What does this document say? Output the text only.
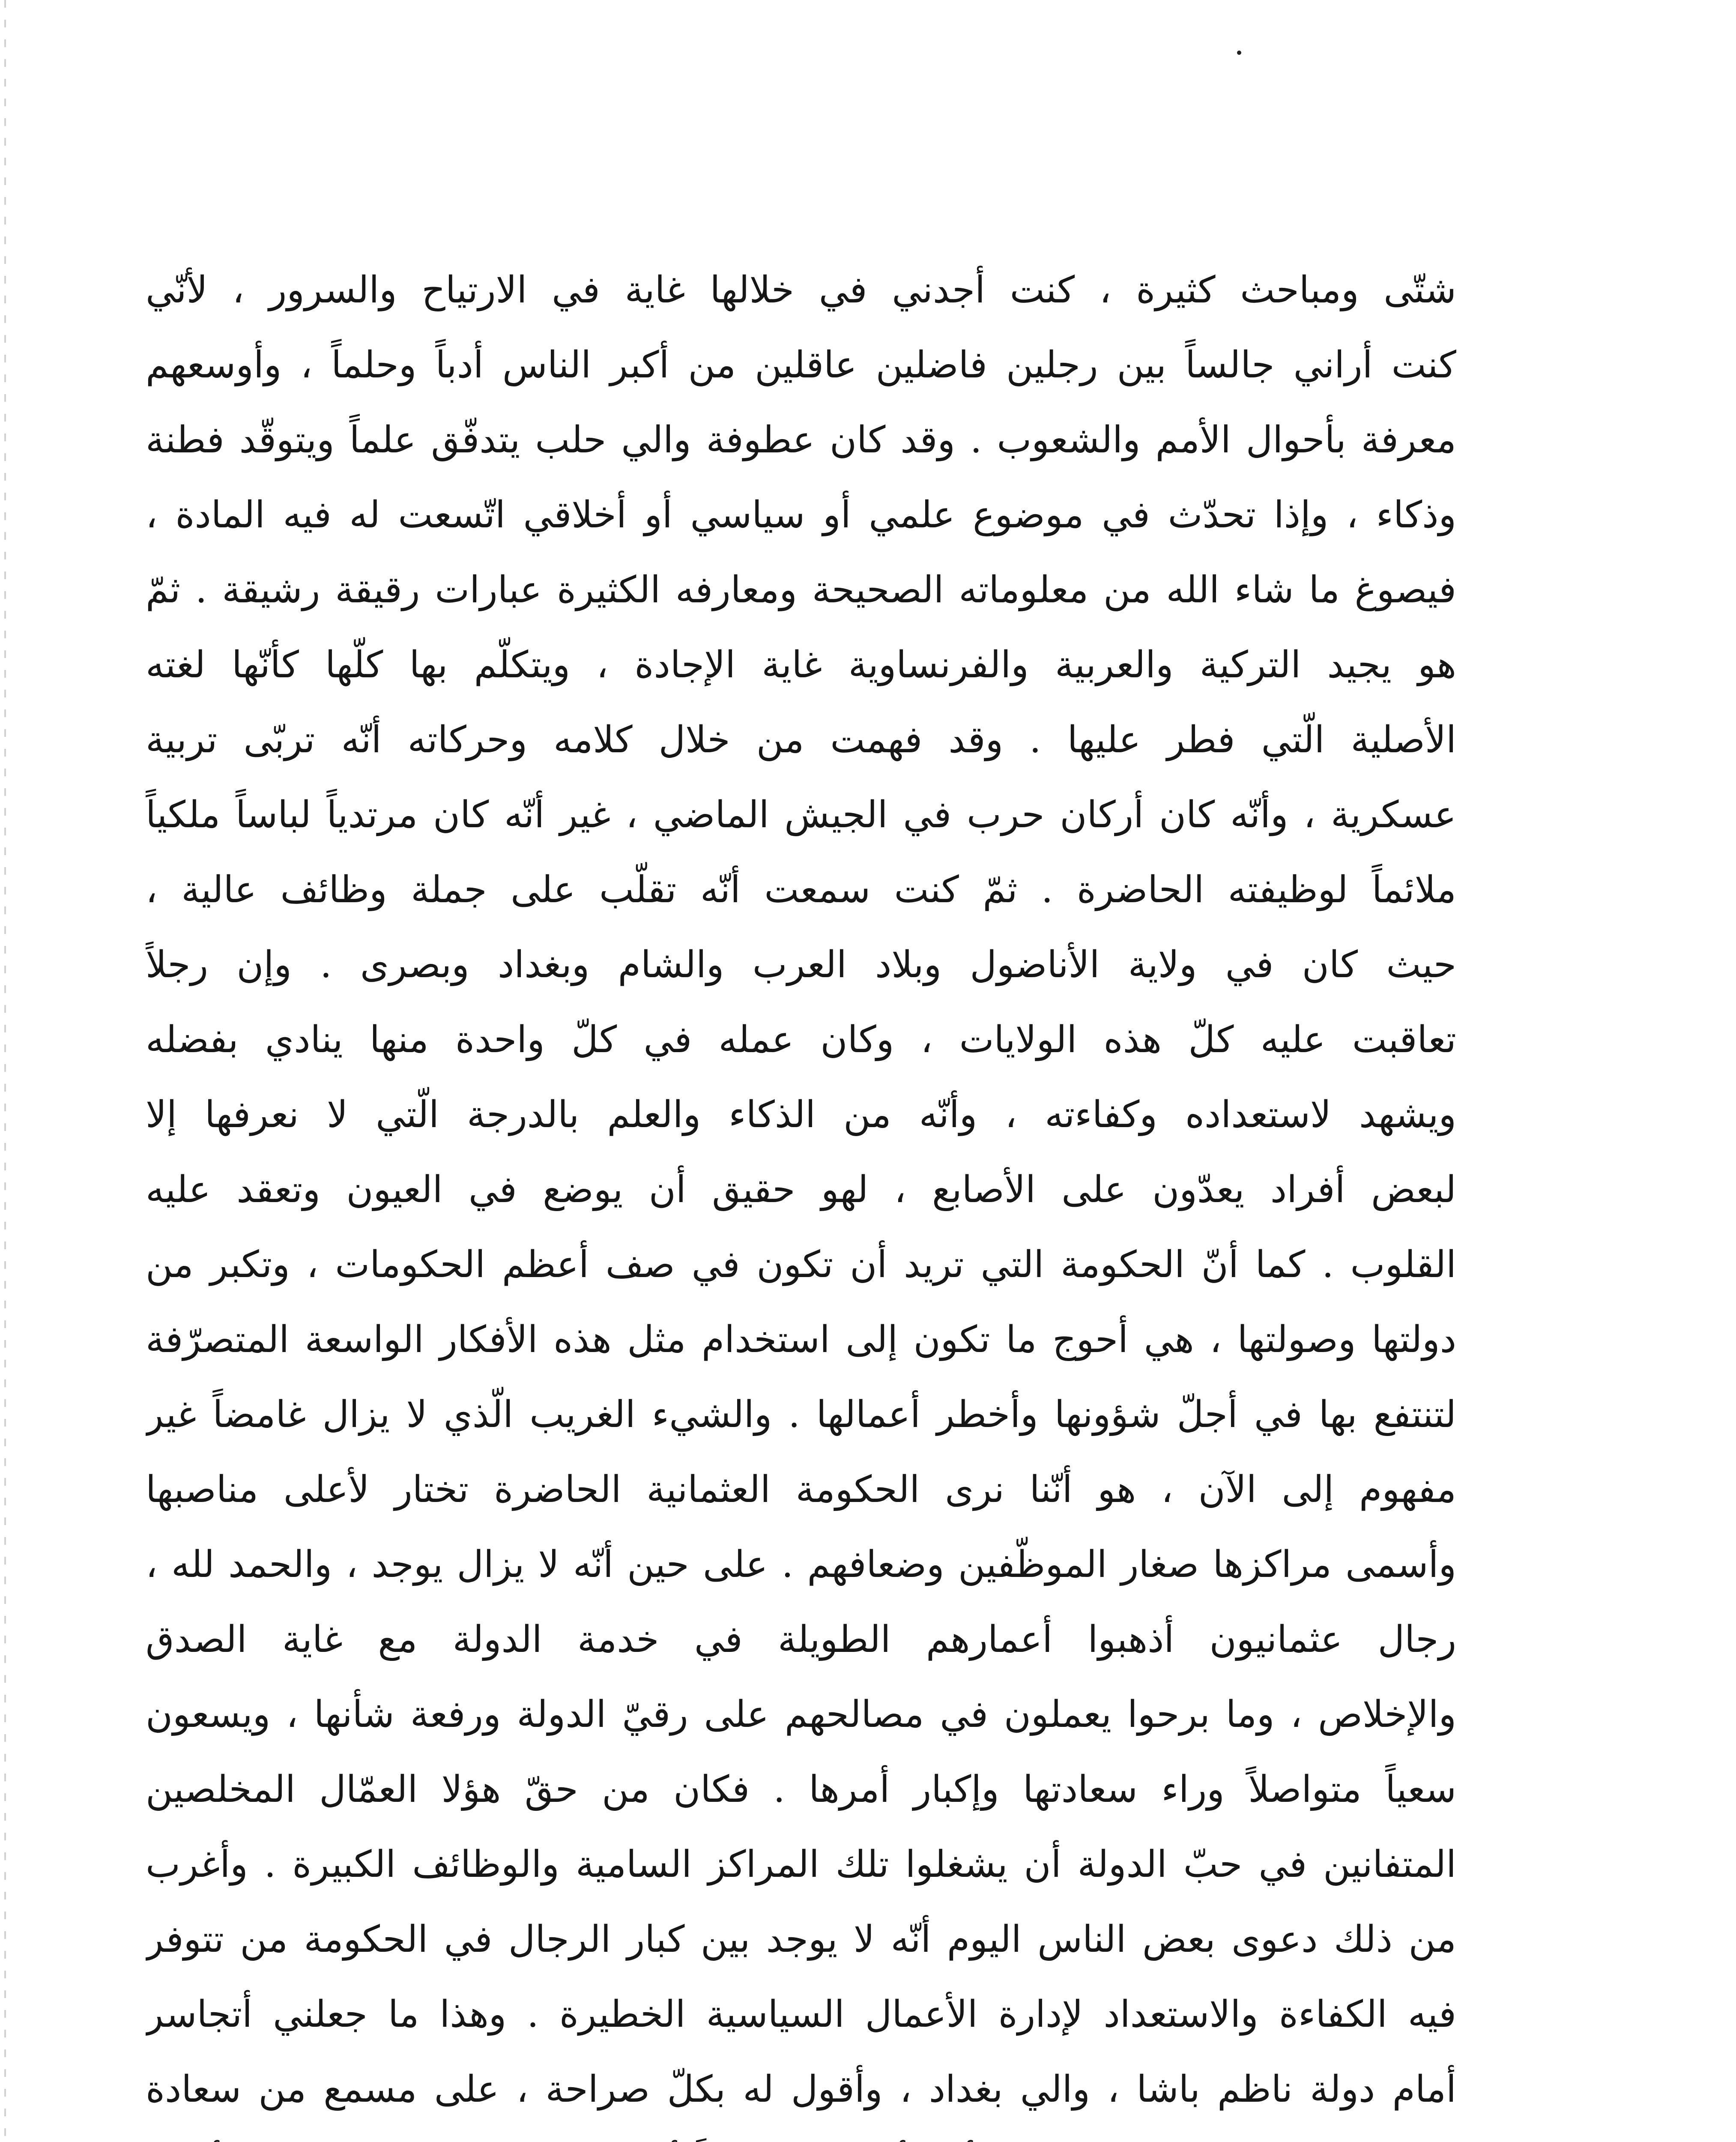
شتّى ومباحث كثيرة ، كنت أجدني في خلالها غاية في الارتياح والسرور ، لأنّي
كنت أراني جالساً بين رجلين فاضلين عاقلين من أكبر الناس أدباً وحلماً ، وأوسعهم
معرفة بأحوال الأمم والشعوب . وقد كان عطوفة والي حلب يتدفّق علماً ويتوقّد فطنة
وذكاء ، وإذا تحدّث في موضوع علمي أو سياسي أو أخلاقي اتّسعت له فيه المادة ،
فيصوغ ما شاء الله من معلوماته الصحيحة ومعارفه الكثيرة عبارات رقيقة رشيقة . ثمّ
هو يجيد التركية والعربية والفرنساوية غاية الإجادة ، ويتكلّم بها كلّها كأنّها لغته
الأصلية الّتي فطر عليها . وقد فهمت من خلال كلامه وحركاته أنّه تربّى تربية
عسكرية ، وأنّه كان أركان حرب في الجيش الماضي ، غير أنّه كان مرتدياً لباساً ملكياً
ملائماً لوظيفته الحاضرة . ثمّ كنت سمعت أنّه تقلّب على جملة وظائف عالية ،
حيث كان في ولاية الأناضول وبلاد العرب والشام وبغداد وبصرى . وإن رجلاً
تعاقبت عليه كلّ هذه الولايات ، وكان عمله في كلّ واحدة منها ينادي بفضله
ويشهد لاستعداده وكفاءته ، وأنّه من الذكاء والعلم بالدرجة الّتي لا نعرفها إلا
لبعض أفراد يعدّون على الأصابع ، لهو حقيق أن يوضع في العيون وتعقد عليه
القلوب . كما أنّ الحكومة التي تريد أن تكون في صف أعظم الحكومات ، وتكبر من
دولتها وصولتها ، هي أحوج ما تكون إلى استخدام مثل هذه الأفكار الواسعة المتصرّفة
لتنتفع بها في أجلّ شؤونها وأخطر أعمالها . والشيء الغريب الّذي لا يزال غامضاً غير
مفهوم إلى الآن ، هو أنّنا نرى الحكومة العثمانية الحاضرة تختار لأعلى مناصبها
وأسمى مراكزها صغار الموظّفين وضعافهم . على حين أنّه لا يزال يوجد ، والحمد لله ،
رجال عثمانيون أذهبوا أعمارهم الطويلة في خدمة الدولة مع غاية الصدق
والإخلاص ، وما برحوا يعملون في مصالحهم على رقيّ الدولة ورفعة شأنها ، ويسعون
سعياً متواصلاً وراء سعادتها وإكبار أمرها . فكان من حقّ هؤلا العمّال المخلصين
المتفانين في حبّ الدولة أن يشغلوا تلك المراكز السامية والوظائف الكبيرة . وأغرب
من ذلك دعوى بعض الناس اليوم أنّه لا يوجد بين كبار الرجال في الحكومة من تتوفر
فيه الكفاءة والاستعداد لإدارة الأعمال السياسية الخطيرة . وهذا ما جعلني أتجاسر
أمام دولة ناظم باشا ، والي بغداد ، وأقول له بكلّ صراحة ، على مسمع من سعادة
